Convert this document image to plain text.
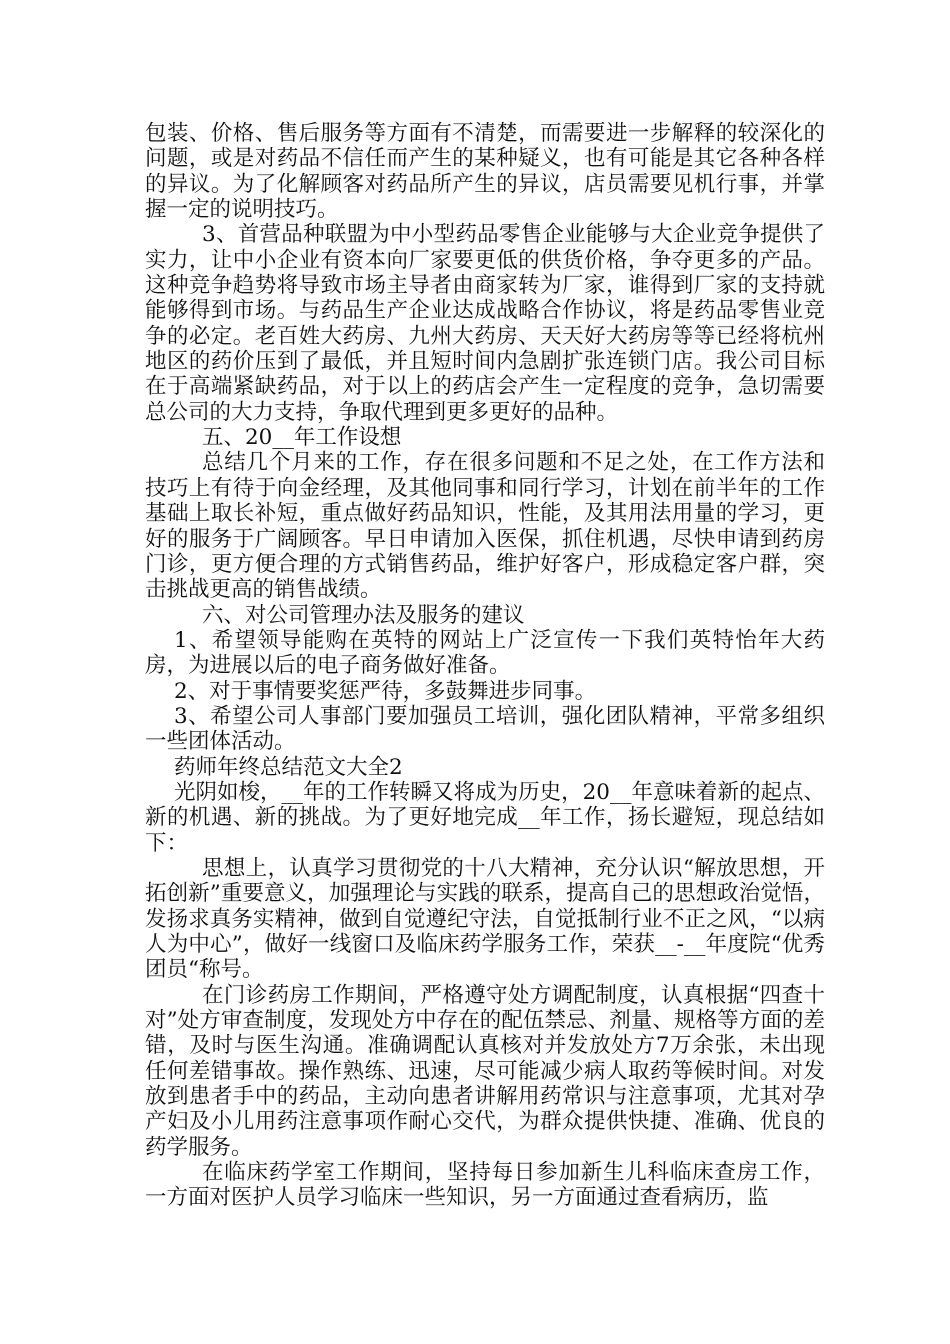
包装、价格、售后服务等方面有不清楚，而需要进一步解释的较深化的问题，或是对药品不信任而产生的某种疑义，也有可能是其它各种各样的异议。为了化解顾客对药品所产生的异议，店员需要见机行事，并掌握一定的说明技巧。

3、首营品种联盟为中小型药品零售企业能够与大企业竞争提供了实力，让中小企业有资本向厂家要更低的供货价格，争夺更多的产品。这种竞争趋势将导致市场主导者由商家转为厂家，谁得到厂家的支持就能够得到市场。与药品生产企业达成战略合作协议，将是药品零售业竞争的必定。老百姓大药房、九州大药房、天天好大药房等等已经将杭州地区的药价压到了最低，并且短时间内急剧扩张连锁门店。我公司目标在于高端紧缺药品，对于以上的药店会产生一定程度的竞争，急切需要总公司的大力支持，争取代理到更多更好的品种。

五、20__年工作设想

总结几个月来的工作，存在很多问题和不足之处，在工作方法和技巧上有待于向金经理，及其他同事和同行学习，计划在前半年的工作基础上取长补短，重点做好药品知识，性能，及其用法用量的学习，更好的服务于广阔顾客。早日申请加入医保，抓住机遇，尽快申请到药房门诊，更方便合理的方式销售药品，维护好客户，形成稳定客户群，突击挑战更高的销售战绩。

六、对公司管理办法及服务的建议

1、希望领导能购在英特的网站上广泛宣传一下我们英特怡年大药房，为进展以后的电子商务做好准备。

2、对于事情要奖惩严待，多鼓舞进步同事。

3、希望公司人事部门要加强员工培训，强化团队精神，平常多组织一些团体活动。

药师年终总结范文大全2

光阴如梭，__年的工作转瞬又将成为历史，20__年意味着新的起点、新的机遇、新的挑战。为了更好地完成__年工作，扬长避短，现总结如下：

思想上，认真学习贯彻党的十八大精神，充分认识“解放思想，开拓创新”重要意义，加强理论与实践的联系，提高自己的思想政治觉悟，发扬求真务实精神，做到自觉遵纪守法，自觉抵制行业不正之风，“以病人为中心”，做好一线窗口及临床药学服务工作，荣获__-__年度院“优秀团员“称号。

在门诊药房工作期间，严格遵守处方调配制度，认真根据“四查十对”处方审查制度，发现处方中存在的配伍禁忌、剂量、规格等方面的差错，及时与医生沟通。准确调配认真核对并发放处方7万余张，未出现任何差错事故。操作熟练、迅速，尽可能减少病人取药等候时间。对发放到患者手中的药品，主动向患者讲解用药常识与注意事项，尤其对孕产妇及小儿用药注意事项作耐心交代，为群众提供快捷、准确、优良的药学服务。

在临床药学室工作期间，坚持每日参加新生儿科临床查房工作，一方面对医护人员学习临床一些知识，另一方面通过查看病历，监
